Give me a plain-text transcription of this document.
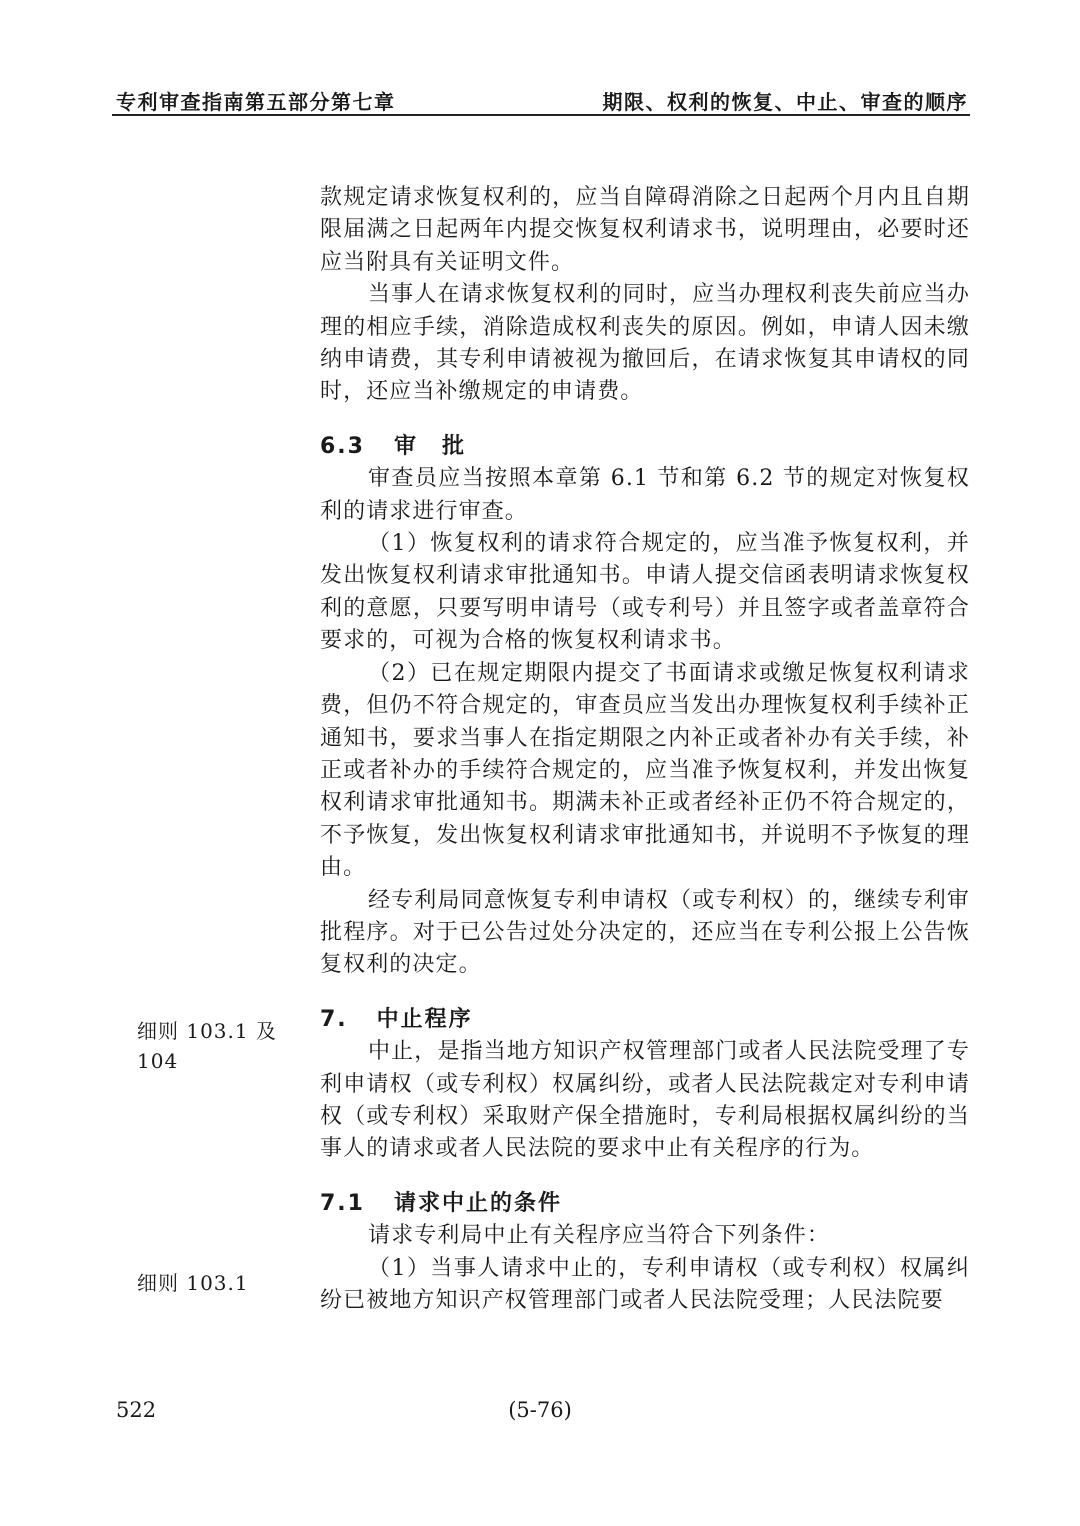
专利审查指南第五部分第七章	期限、权利的恢复、中止、审查的顺序
细则 103.1 及
104
细则 103.1

款规定请求恢复权利的，应当自障碍消除之日起两个月内且自期限届满之日起两年内提交恢复权利请求书，说明理由，必要时还应当附具有关证明文件。

当事人在请求恢复权利的同时，应当办理权利丧失前应当办理的相应手续，消除造成权利丧失的原因。例如，申请人因未缴纳申请费，其专利申请被视为撤回后，在请求恢复其申请权的同时，还应当补缴规定的申请费。

6.3 审　批

审查员应当按照本章第 6.1 节和第 6.2 节的规定对恢复权利的请求进行审查。

（1）恢复权利的请求符合规定的，应当准予恢复权利，并发出恢复权利请求审批通知书。申请人提交信函表明请求恢复权利的意愿，只要写明申请号（或专利号）并且签字或者盖章符合要求的，可视为合格的恢复权利请求书。

（2）已在规定期限内提交了书面请求或缴足恢复权利请求费，但仍不符合规定的，审查员应当发出办理恢复权利手续补正通知书，要求当事人在指定期限之内补正或者补办有关手续，补正或者补办的手续符合规定的，应当准予恢复权利，并发出恢复权利请求审批通知书。期满未补正或者经补正仍不符合规定的，不予恢复，发出恢复权利请求审批通知书，并说明不予恢复的理由。

经专利局同意恢复专利申请权（或专利权）的，继续专利审批程序。对于已公告过处分决定的，还应当在专利公报上公告恢复权利的决定。

7. 中止程序

中止，是指当地方知识产权管理部门或者人民法院受理了专利申请权（或专利权）权属纠纷，或者人民法院裁定对专利申请权（或专利权）采取财产保全措施时，专利局根据权属纠纷的当事人的请求或者人民法院的要求中止有关程序的行为。

7.1 请求中止的条件

请求专利局中止有关程序应当符合下列条件：

（1）当事人请求中止的，专利申请权（或专利权）权属纠纷已被地方知识产权管理部门或者人民法院受理；人民法院要

522	(5-76)
